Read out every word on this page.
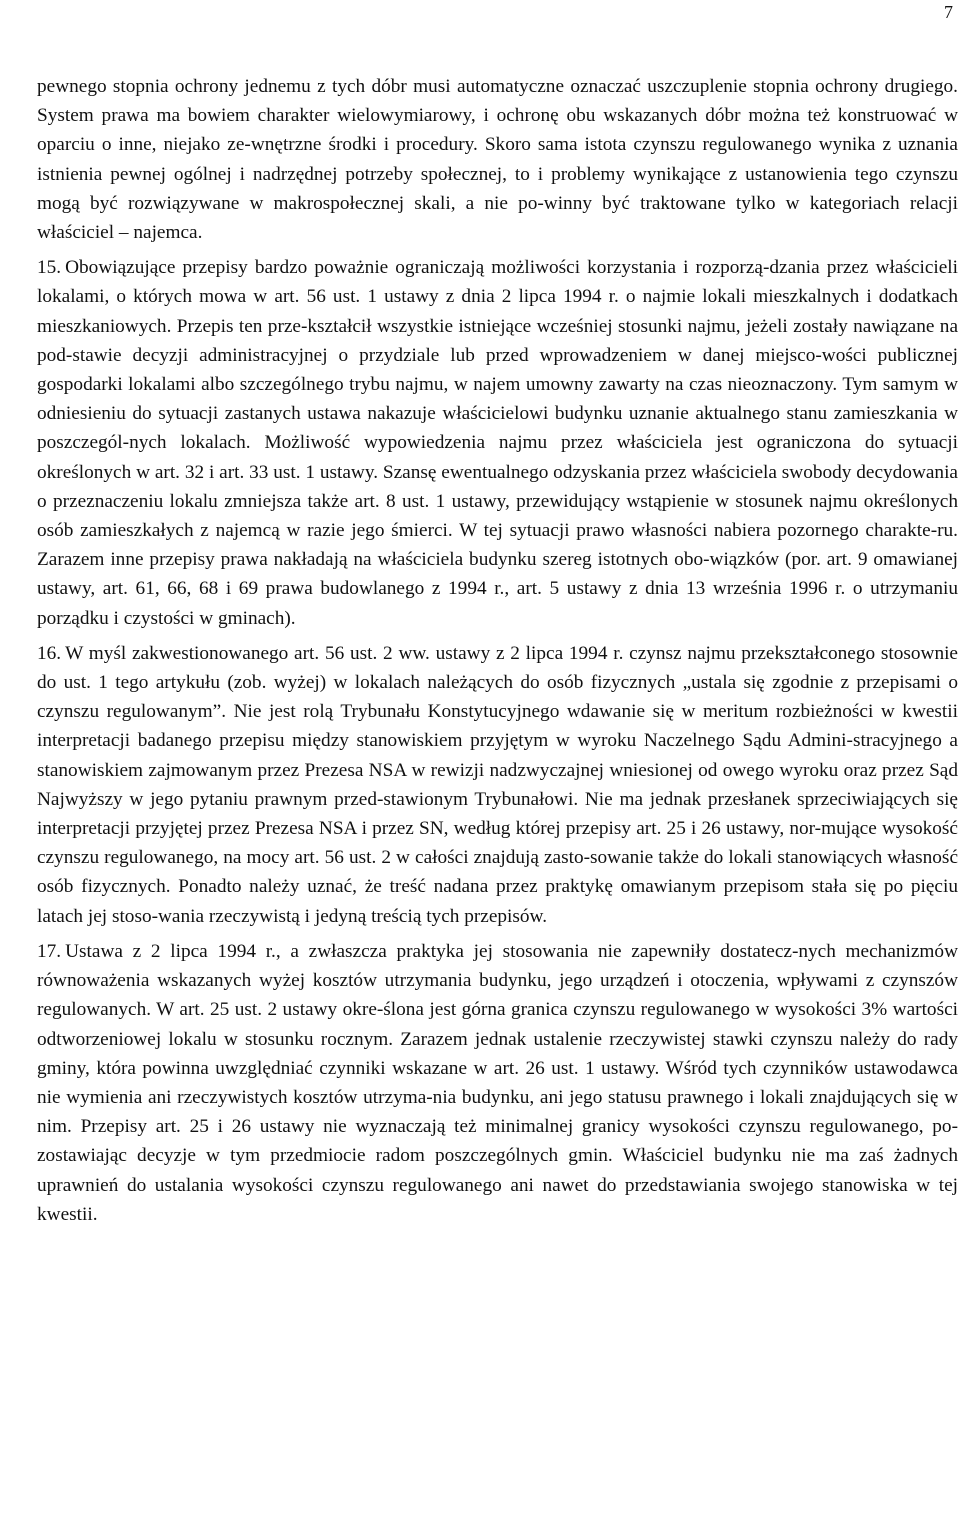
7

pewnego stopnia ochrony jednemu z tych dóbr musi automatyczne oznaczać uszczuplenie stopnia ochrony drugiego. System prawa ma bowiem charakter wielowymiarowy, i ochronę obu wskazanych dóbr można też konstruować w oparciu o inne, niejako ze-wnętrzne środki i procedury. Skoro sama istota czynszu regulowanego wynika z uznania istnienia pewnej ogólnej i nadrzędnej potrzeby społecznej, to i problemy wynikające z ustanowienia tego czynszu mogą być rozwiązywane w makrospołecznej skali, a nie po-winny być traktowane tylko w kategoriach relacji właściciel – najemca.

15. Obowiązujące przepisy bardzo poważnie ograniczają możliwości korzystania i rozporzą-dzania przez właścicieli lokalami, o których mowa w art. 56 ust. 1 ustawy z dnia 2 lipca 1994 r. o najmie lokali mieszkalnych i dodatkach mieszkaniowych. Przepis ten prze-kształcił wszystkie istniejące wcześniej stosunki najmu, jeżeli zostały nawiązane na pod-stawie decyzji administracyjnej o przydziale lub przed wprowadzeniem w danej miejsco-wości publicznej gospodarki lokalami albo szczególnego trybu najmu, w najem umowny zawarty na czas nieoznaczony. Tym samym w odniesieniu do sytuacji zastanych ustawa nakazuje właścicielowi budynku uznanie aktualnego stanu zamieszkania w poszczegól-nych lokalach. Możliwość wypowiedzenia najmu przez właściciela jest ograniczona do sytuacji określonych w art. 32 i art. 33 ust. 1 ustawy. Szansę ewentualnego odzyskania przez właściciela swobody decydowania o przeznaczeniu lokalu zmniejsza także art. 8 ust. 1 ustawy, przewidujący wstąpienie w stosunek najmu określonych osób zamieszkałych z najemcą w razie jego śmierci. W tej sytuacji prawo własności nabiera pozornego charakte-ru. Zarazem inne przepisy prawa nakładają na właściciela budynku szereg istotnych obo-wiązków (por. art. 9 omawianej ustawy, art. 61, 66, 68 i 69 prawa budowlanego z 1994 r., art. 5 ustawy z dnia 13 września 1996 r. o utrzymaniu porządku i czystości w gminach).

16. W myśl zakwestionowanego art. 56 ust. 2 ww. ustawy z 2 lipca 1994 r. czynsz najmu przekształconego stosownie do ust. 1 tego artykułu (zob. wyżej) w lokalach należących do osób fizycznych „ustala się zgodnie z przepisami o czynszu regulowanym”. Nie jest rolą Trybunału Konstytucyjnego wdawanie się w meritum rozbieżności w kwestii interpretacji badanego przepisu między stanowiskiem przyjętym w wyroku Naczelnego Sądu Admini-stracyjnego a stanowiskiem zajmowanym przez Prezesa NSA w rewizji nadzwyczajnej wniesionej od owego wyroku oraz przez Sąd Najwyższy w jego pytaniu prawnym przed-stawionym Trybunałowi. Nie ma jednak przesłanek sprzeciwiających się interpretacji przyjętej przez Prezesa NSA i przez SN, według której przepisy art. 25 i 26 ustawy, nor-mujące wysokość czynszu regulowanego, na mocy art. 56 ust. 2 w całości znajdują zasto-sowanie także do lokali stanowiących własność osób fizycznych. Ponadto należy uznać, że treść nadana przez praktykę omawianym przepisom stała się po pięciu latach jej stoso-wania rzeczywistą i jedyną treścią tych przepisów.

17. Ustawa z 2 lipca 1994 r., a zwłaszcza praktyka jej stosowania nie zapewniły dostatecz-nych mechanizmów równoważenia wskazanych wyżej kosztów utrzymania budynku, jego urządzeń i otoczenia, wpływami z czynszów regulowanych. W art. 25 ust. 2 ustawy okre-ślona jest górna granica czynszu regulowanego w wysokości 3% wartości odtworzeniowej lokalu w stosunku rocznym. Zarazem jednak ustalenie rzeczywistej stawki czynszu należy do rady gminy, która powinna uwzględniać czynniki wskazane w art. 26 ust. 1 ustawy. Wśród tych czynników ustawodawca nie wymienia ani rzeczywistych kosztów utrzyma-nia budynku, ani jego statusu prawnego i lokali znajdujących się w nim. Przepisy art. 25 i 26 ustawy nie wyznaczają też minimalnej granicy wysokości czynszu regulowanego, po-zostawiając decyzje w tym przedmiocie radom poszczególnych gmin. Właściciel budynku nie ma zaś żadnych uprawnień do ustalania wysokości czynszu regulowanego ani nawet do przedstawiania swojego stanowiska w tej kwestii.
